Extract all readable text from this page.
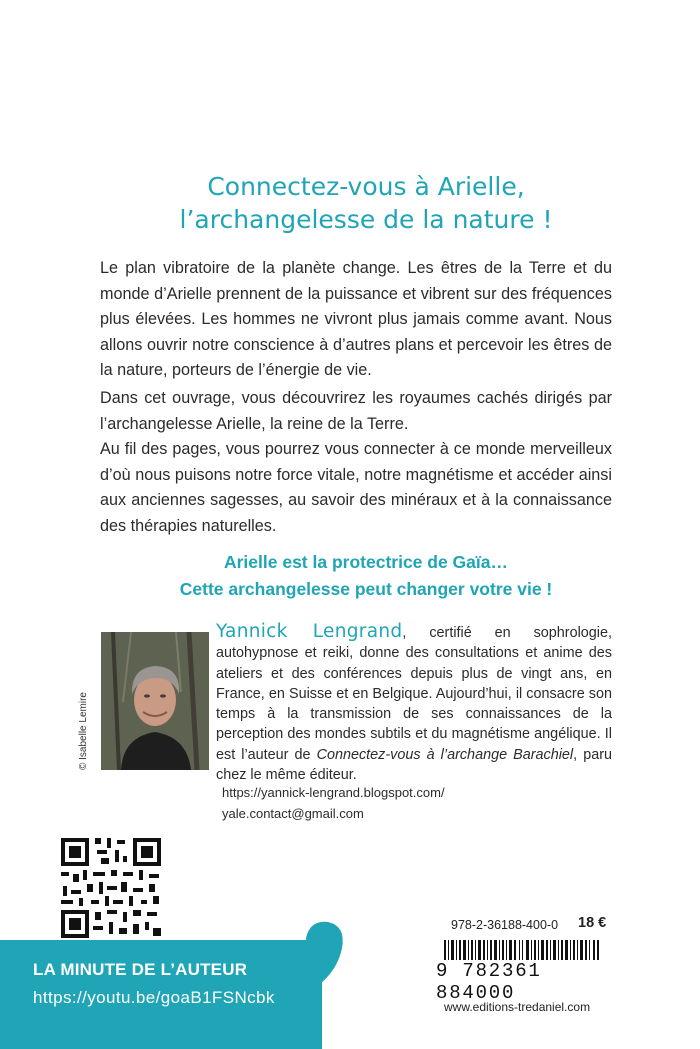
Connectez-vous à Arielle,
l’archangelesse de la nature !
Le plan vibratoire de la planète change. Les êtres de la Terre et du monde d’Arielle prennent de la puissance et vibrent sur des fréquences plus élevées. Les hommes ne vivront plus jamais comme avant. Nous allons ouvrir notre conscience à d’autres plans et percevoir les êtres de la nature, porteurs de l’énergie de vie.
Dans cet ouvrage, vous découvrirez les royaumes cachés dirigés par l’archangelesse Arielle, la reine de la Terre.
Au fil des pages, vous pourrez vous connecter à ce monde merveilleux d’où nous puisons notre force vitale, notre magnétisme et accéder ainsi aux anciennes sagesses, au savoir des minéraux et à la connaissance des thérapies naturelles.
Arielle est la protectrice de Gaïa…
Cette archangelesse peut changer votre vie !
© Isabelle Lemire
Yannick Lengrand, certifié en sophrologie, autohypnose et reiki, donne des consultations et anime des ateliers et des conférences depuis plus de vingt ans, en France, en Suisse et en Belgique. Aujourd’hui, il consacre son temps à la transmission de ses connaissances de la perception des mondes subtils et du magnétisme angélique. Il est l’auteur de Connectez-vous à l’archange Barachiel, paru chez le même éditeur.
https://yannick-lengrand.blogspot.com/
yale.contact@gmail.com
LA MINUTE DE L’AUTEUR
https://youtu.be/goaB1FSNcbk
978-2-36188-400-0 18 €
9 782361 884000
www.editions-tredaniel.com
